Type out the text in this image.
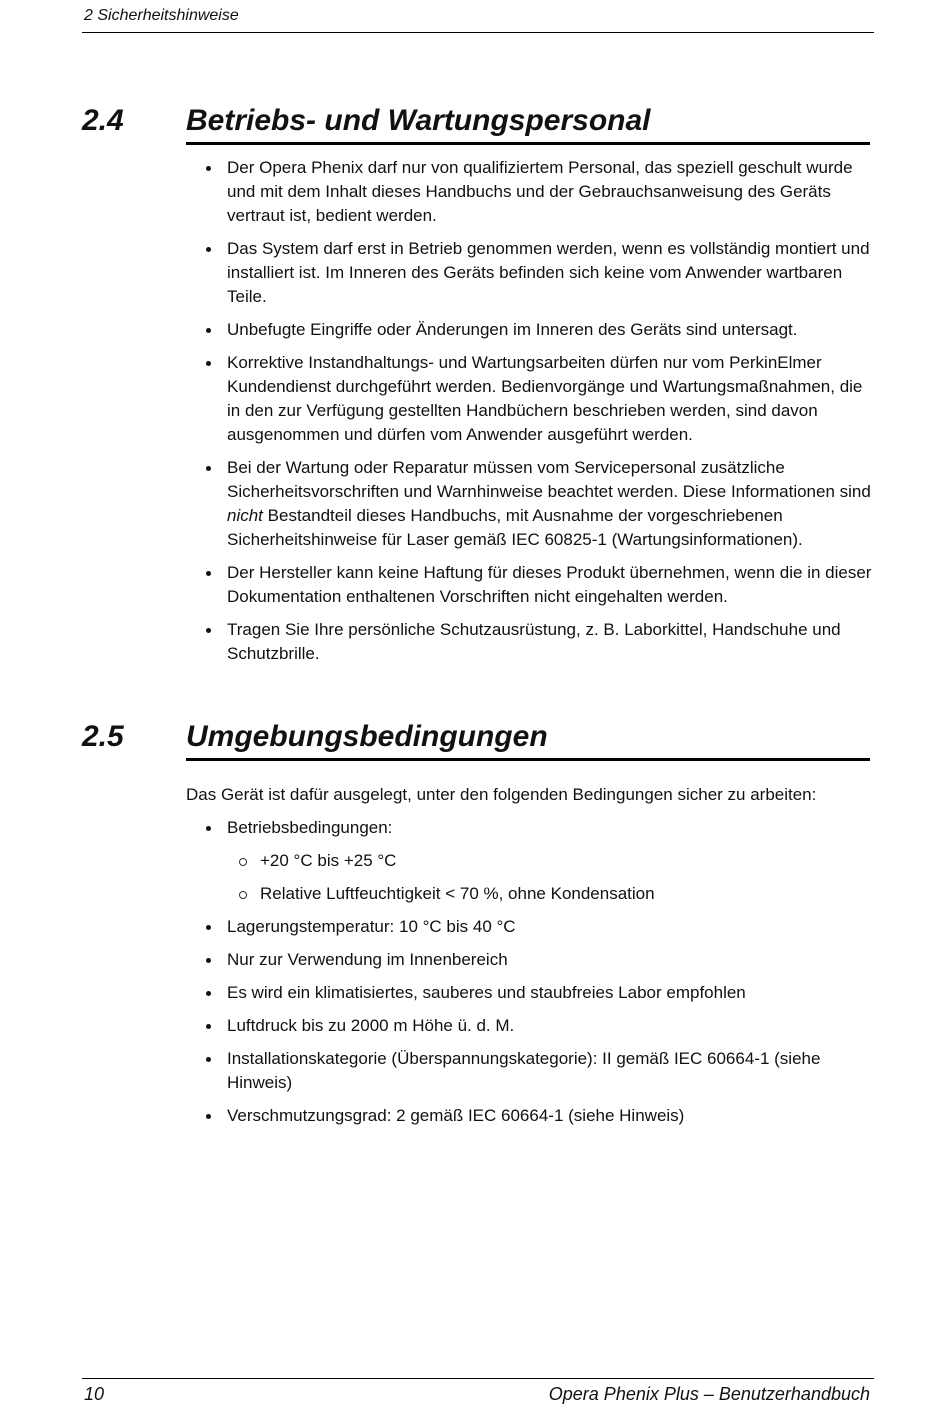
2 Sicherheitshinweise
2.4 Betriebs- und Wartungspersonal
Der Opera Phenix darf nur von qualifiziertem Personal, das speziell geschult wurde und mit dem Inhalt dieses Handbuchs und der Gebrauchsanweisung des Geräts vertraut ist, bedient werden.
Das System darf erst in Betrieb genommen werden, wenn es vollständig montiert und installiert ist. Im Inneren des Geräts befinden sich keine vom Anwender wartbaren Teile.
Unbefugte Eingriffe oder Änderungen im Inneren des Geräts sind untersagt.
Korrektive Instandhaltungs- und Wartungsarbeiten dürfen nur vom PerkinElmer Kundendienst durchgeführt werden. Bedienvorgänge und Wartungsmaßnahmen, die in den zur Verfügung gestellten Handbüchern beschrieben werden, sind davon ausgenommen und dürfen vom Anwender ausgeführt werden.
Bei der Wartung oder Reparatur müssen vom Servicepersonal zusätzliche Sicherheitsvorschriften und Warnhinweise beachtet werden. Diese Informationen sind nicht Bestandteil dieses Handbuchs, mit Ausnahme der vorgeschriebenen Sicherheitshinweise für Laser gemäß IEC 60825-1 (Wartungsinformationen).
Der Hersteller kann keine Haftung für dieses Produkt übernehmen, wenn die in dieser Dokumentation enthaltenen Vorschriften nicht eingehalten werden.
Tragen Sie Ihre persönliche Schutzausrüstung, z. B. Laborkittel, Handschuhe und Schutzbrille.
2.5 Umgebungsbedingungen

Das Gerät ist dafür ausgelegt, unter den folgenden Bedingungen sicher zu arbeiten:

Betriebsbedingungen:
+20 °C bis +25 °C
Relative Luftfeuchtigkeit < 70 %, ohne Kondensation
Lagerungstemperatur: 10 °C bis 40 °C
Nur zur Verwendung im Innenbereich
Es wird ein klimatisiertes, sauberes und staubfreies Labor empfohlen
Luftdruck bis zu 2000 m Höhe ü. d. M.
Installationskategorie (Überspannungskategorie): II gemäß IEC 60664-1 (siehe Hinweis)
Verschmutzungsgrad: 2 gemäß IEC 60664-1 (siehe Hinweis)
10	Opera Phenix Plus – Benutzerhandbuch
